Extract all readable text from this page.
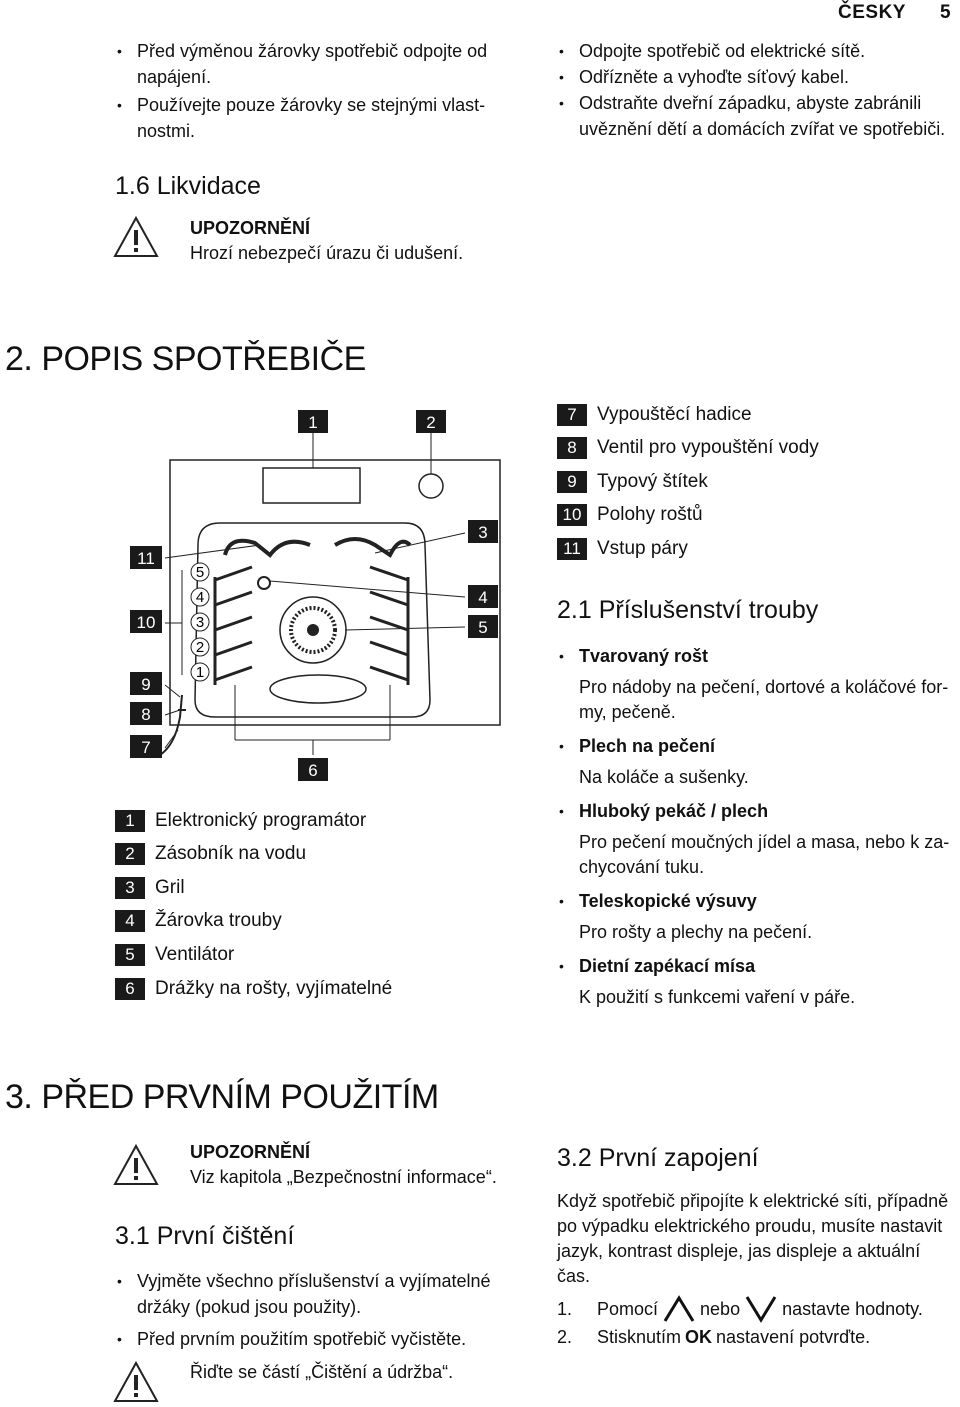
ČESKY 5
• Před výměnou žárovky spotřebič odpojte od napájení.
• Používejte pouze žárovky se stejnými vlastnostmi.
• Odpojte spotřebič od elektrické sítě.
• Odřízněte a vyhoďte síťový kabel.
• Odstraňte dveřní západku, abyste zabránili uvěznění dětí a domácích zvířat ve spotřebiči.
1.6 Likvidace
UPOZORNĚNÍ
Hrozí nebezpečí úrazu či udušení.
2. POPIS SPOTŘEBIČE
5
4
3
2
1
1	2
3
4
5
6
7
8
9
10
11
1	Elektronický programátor
2	Zásobník na vodu
3	Gril
4	Žárovka trouby
5	Ventilátor
6	Drážky na rošty, vyjímatelné
7	Vypouštěcí hadice
8	Ventil pro vypouštění vody
9	Typový štítek
10 Polohy roštů
11 Vstup páry
2.1 Příslušenství trouby
• Tvarovaný rošt
Pro nádoby na pečení, dortové a koláčové formy, pečeně.
• Plech na pečení
Na koláče a sušenky.
• Hluboký pekáč / plech
Pro pečení moučných jídel a masa, nebo k zachycování tuku.
• Teleskopické výsuvy
Pro rošty a plechy na pečení.
• Dietní zapékací mísa
K použití s funkcemi vaření v páře.
3. PŘED PRVNÍM POUŽITÍM
UPOZORNĚNÍ
Viz kapitola „Bezpečnostní informace“.
3.1 První čištění
• Vyjměte všechno příslušenství a vyjímatelné držáky (pokud jsou použity).
• Před prvním použitím spotřebič vyčistěte.
Řiďte se částí „Čištění a údržba“.
3.2 První zapojení
Když spotřebič připojíte k elektrické síti, případně po výpadku elektrického proudu, musíte nastavit jazyk, kontrast displeje, jas displeje a aktuální čas.
1.	Pomocí nebo nastavte hodnoty.
2.	Stisknutím OK nastavení potvrďte.
